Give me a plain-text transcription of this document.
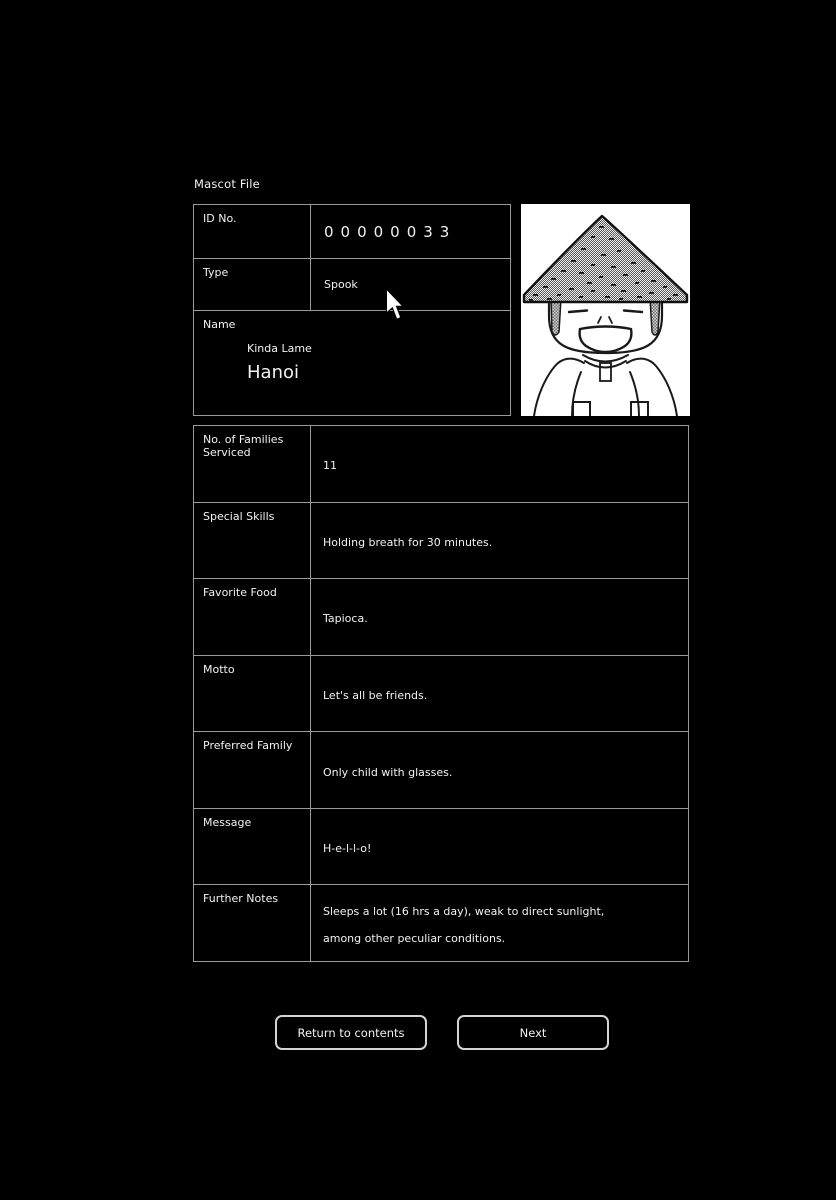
Mascot File
ID No.
00000033
Type
Spook
Name
Kinda Lame
Hanoi
No. of Families Serviced
11
Special Skills
Holding breath for 30 minutes.
Favorite Food
Tapioca.
Motto
Let's all be friends.
Preferred Family
Only child with glasses.
Message
H-e-l-l-o!
Further Notes
Sleeps a lot (16 hrs a day), weak to direct sunlight,
among other peculiar conditions.
Return to contents	Next
